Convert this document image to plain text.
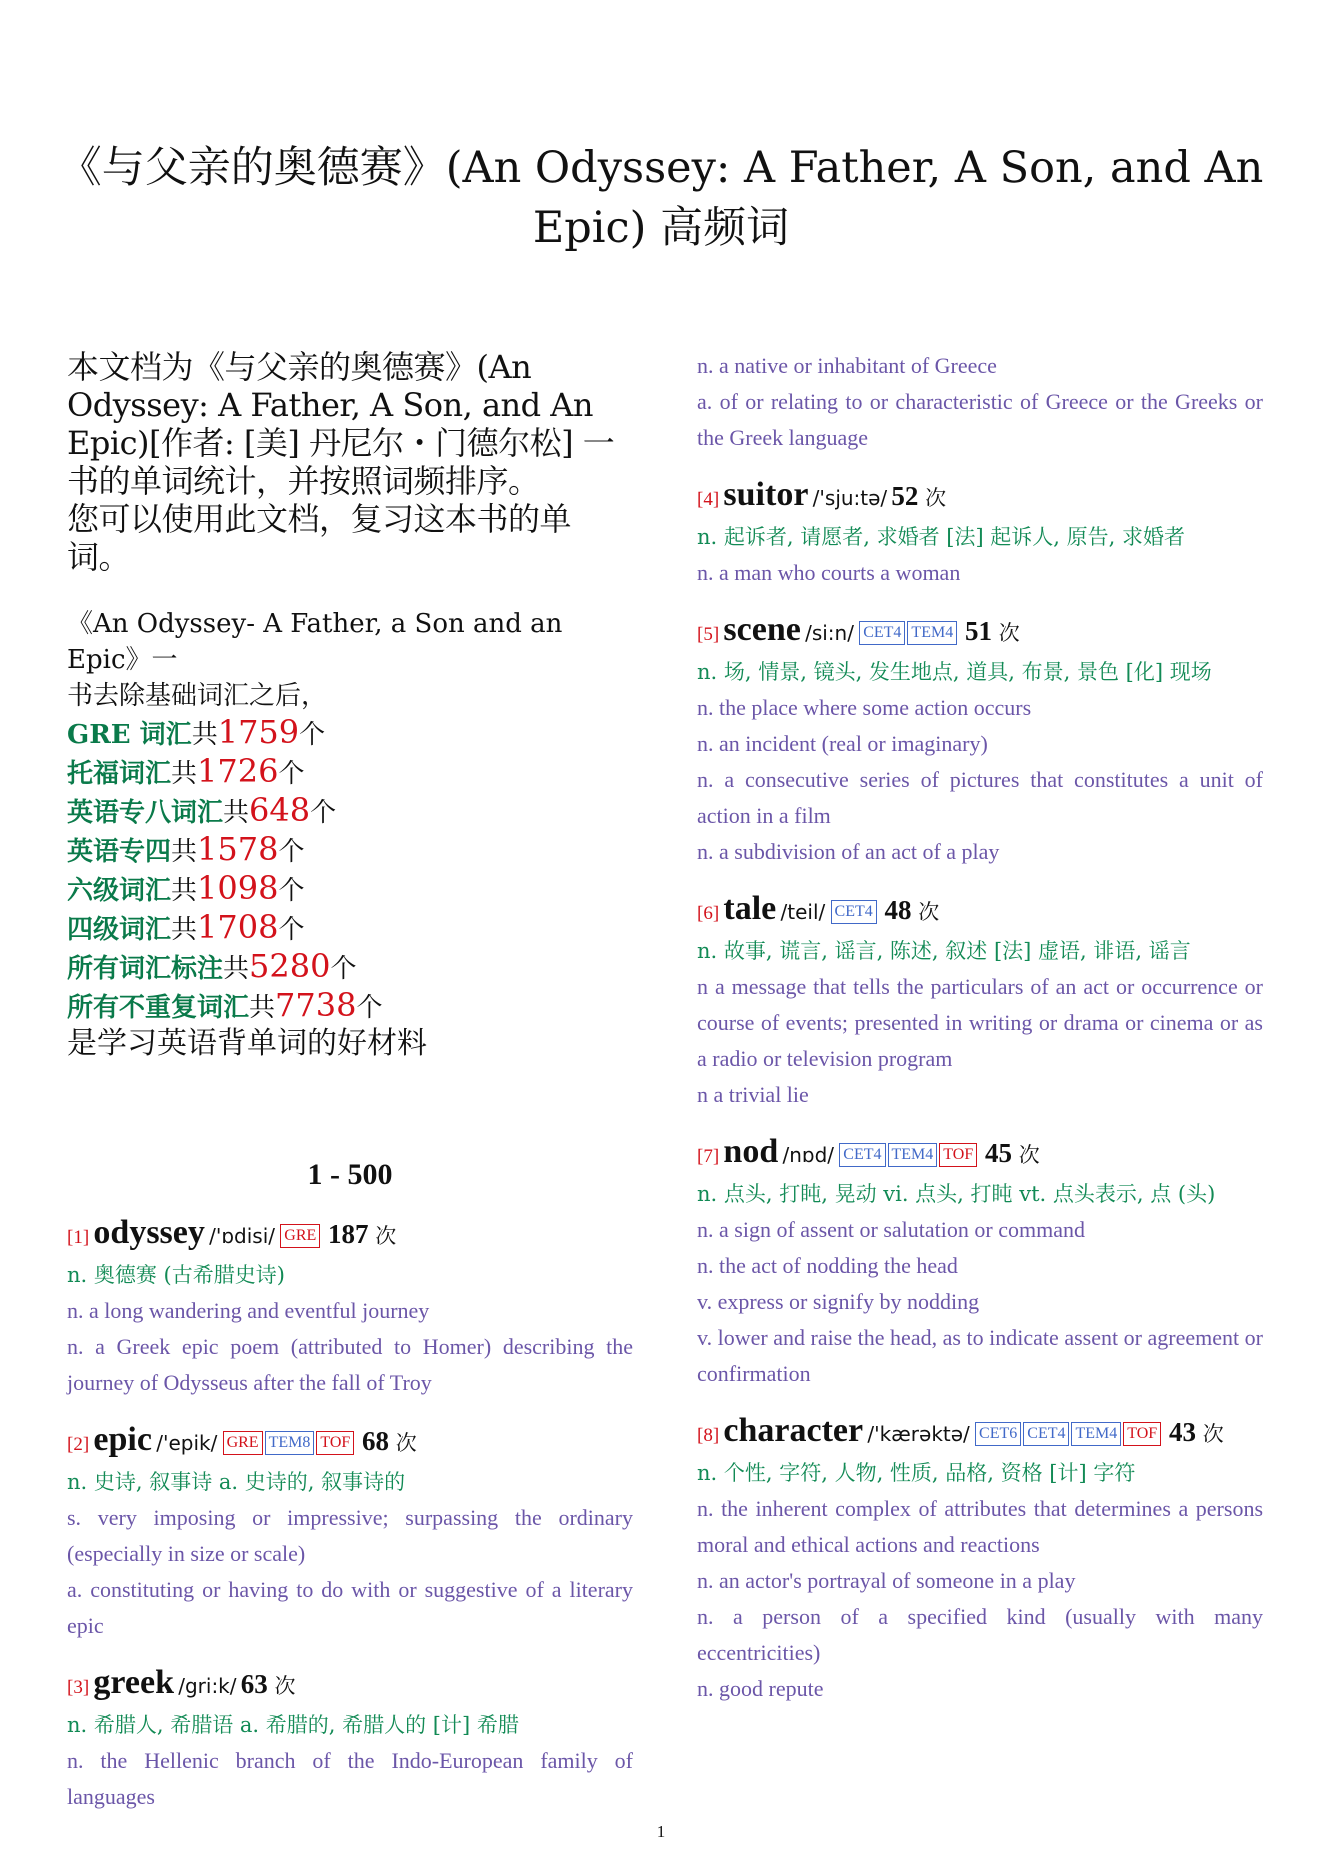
《与父亲的奥德赛》(An Odyssey: A Father, A Son, and An Epic) 高频词
本文档为《与父亲的奥德赛》(An
Odyssey: A Father, A Son, and An
Epic)[作者: [美] 丹尼尔・门德尔松] 一
书的单词统计，并按照词频排序。
您可以使用此文档，复习这本书的单
词。
《An Odyssey- A Father, a Son and an Epic》一
书去除基础词汇之后，
GRE 词汇共1759个
托福词汇共1726个
英语专八词汇共648个
英语专四共1578个
六级词汇共1098个
四级词汇共1708个
所有词汇标注共5280个
所有不重复词汇共7738个
是学习英语背单词的好材料
1 - 500
[1] odyssey /'ɒdisi/ GRE 187 次
n. 奥德赛 (古希腊史诗)
n. a long wandering and eventful journey
n. a Greek epic poem (attributed to Homer) describing the journey of Odysseus after the fall of Troy
[2] epic /'epik/ GRE TEM8 TOF 68 次
n. 史诗, 叙事诗 a. 史诗的, 叙事诗的
s. very imposing or impressive; surpassing the ordinary (especially in size or scale)
a. constituting or having to do with or suggestive of a literary epic
[3] greek /gri:k/ 63 次
n. 希腊人, 希腊语 a. 希腊的, 希腊人的 [计] 希腊
n. the Hellenic branch of the Indo-European family of languages
n. a native or inhabitant of Greece
a. of or relating to or characteristic of Greece or the Greeks or the Greek language
[4] suitor /'sju:tə/ 52 次
n. 起诉者, 请愿者, 求婚者 [法] 起诉人, 原告, 求婚者
n. a man who courts a woman
[5] scene /si:n/ CET4 TEM4 51 次
n. 场, 情景, 镜头, 发生地点, 道具, 布景, 景色 [化] 现场
n. the place where some action occurs
n. an incident (real or imaginary)
n. a consecutive series of pictures that constitutes a unit of action in a film
n. a subdivision of an act of a play
[6] tale /teil/ CET4 48 次
n. 故事, 谎言, 谣言, 陈述, 叙述 [法] 虚语, 诽语, 谣言
n a message that tells the particulars of an act or occurrence or course of events; presented in writing or drama or cinema or as a radio or television program
n a trivial lie
[7] nod /nɒd/ CET4 TEM4 TOF 45 次
n. 点头, 打盹, 晃动 vi. 点头, 打盹 vt. 点头表示, 点 (头)
n. a sign of assent or salutation or command
n. the act of nodding the head
v. express or signify by nodding
v. lower and raise the head, as to indicate assent or agreement or confirmation
[8] character /'kærəktə/ CET6 CET4 TEM4 TOF 43 次
n. 个性, 字符, 人物, 性质, 品格, 资格 [计] 字符
n. the inherent complex of attributes that determines a persons moral and ethical actions and reactions
n. an actor's portrayal of someone in a play
n. a person of a specified kind (usually with many eccentricities)
n. good repute
1
